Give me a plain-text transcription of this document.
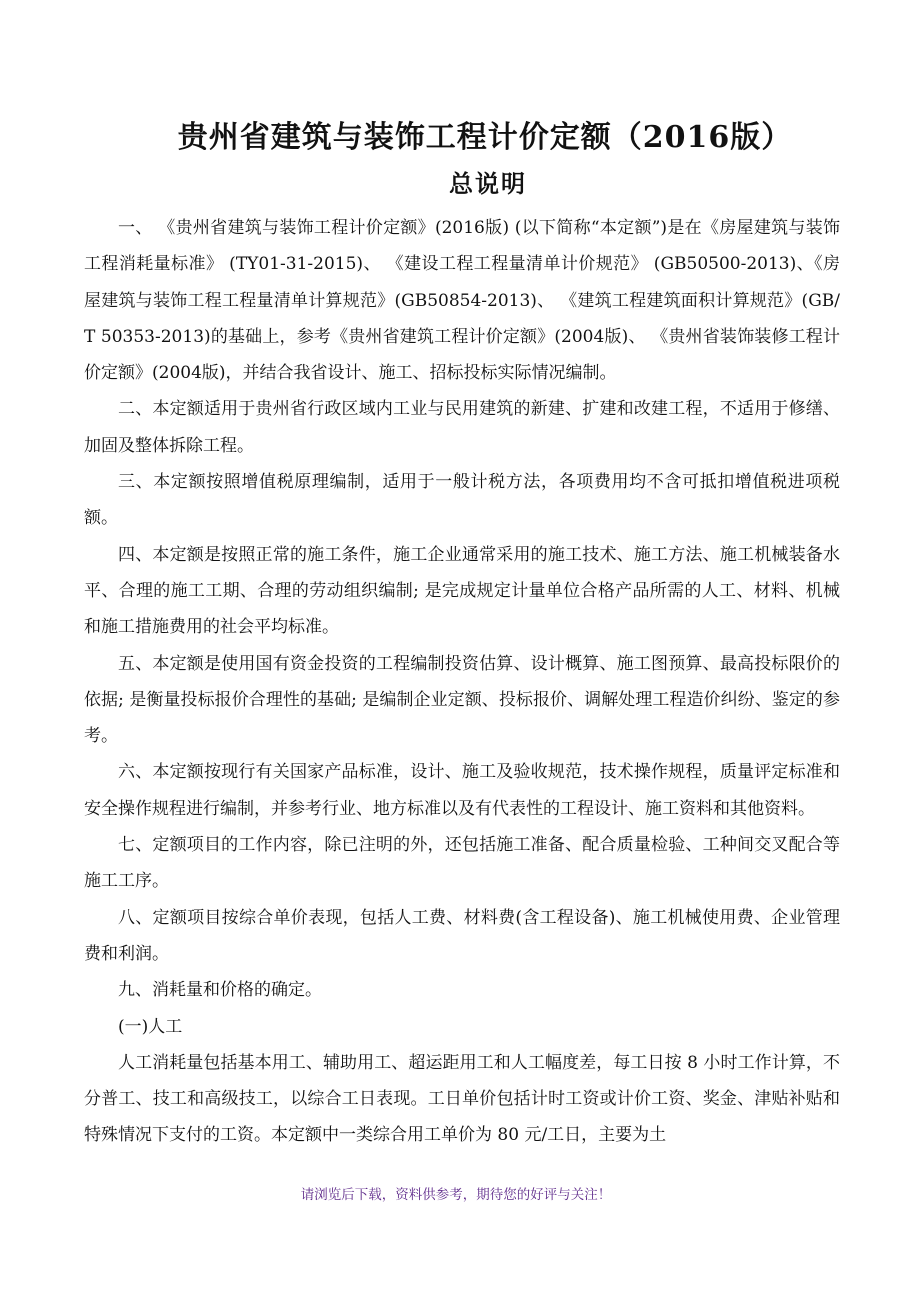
贵州省建筑与装饰工程计价定额（2016版）
总说明

一、 《贵州省建筑与装饰工程计价定额》(2016版) (以下简称“本定额”)是在《房屋建筑与装饰工程消耗量标准》 (TY01-31-2015)、 《建设工程工程量清单计价规范》 (GB50500-2013)、《房屋建筑与装饰工程工程量清单计算规范》(GB50854-2013)、 《建筑工程建筑面积计算规范》(GB/T 50353-2013)的基础上，参考《贵州省建筑工程计价定额》(2004版)、 《贵州省装饰装修工程计价定额》(2004版)，并结合我省设计、施工、招标投标实际情况编制。

二、本定额适用于贵州省行政区域内工业与民用建筑的新建、扩建和改建工程，不适用于修缮、加固及整体拆除工程。

三、本定额按照增值税原理编制，适用于一般计税方法，各项费用均不含可抵扣增值税进项税额。

四、本定额是按照正常的施工条件，施工企业通常采用的施工技术、施工方法、施工机械装备水平、合理的施工工期、合理的劳动组织编制; 是完成规定计量单位合格产品所需的人工、材料、机械和施工措施费用的社会平均标准。

五、本定额是使用国有资金投资的工程编制投资估算、设计概算、施工图预算、最高投标限价的依据; 是衡量投标报价合理性的基础; 是编制企业定额、投标报价、调解处理工程造价纠纷、鉴定的参考。

六、本定额按现行有关国家产品标准，设计、施工及验收规范，技术操作规程，质量评定标准和安全操作规程进行编制，并参考行业、地方标准以及有代表性的工程设计、施工资料和其他资料。

七、定额项目的工作内容，除已注明的外，还包括施工准备、配合质量检验、工种间交叉配合等施工工序。

八、定额项目按综合单价表现，包括人工费、材料费(含工程设备)、施工机械使用费、企业管理费和利润。

九、消耗量和价格的确定。

(一)人工

人工消耗量包括基本用工、辅助用工、超运距用工和人工幅度差，每工日按 8 小时工作计算，不分普工、技工和高级技工，以综合工日表现。工日单价包括计时工资或计价工资、奖金、津贴补贴和特殊情况下支付的工资。本定额中一类综合用工单价为 80 元/工日，主要为土

请浏览后下载，资料供参考，期待您的好评与关注！
